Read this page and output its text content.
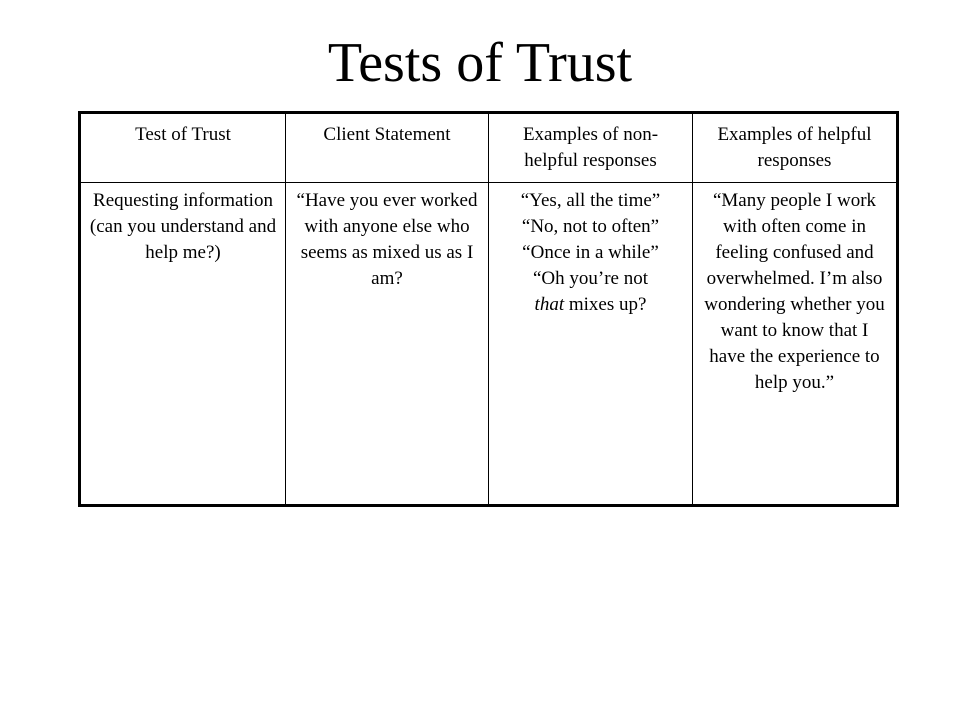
Tests of Trust
Test of Trust	Client Statement	Examples of non-helpful responses	Examples of helpful responses
Requesting information (can you understand and help me?)	“Have you ever worked with anyone else who seems as mixed us as I am?	“Yes, all the time”
“No, not to often”
“Once in a while”
“Oh you’re not
that mixes up?	“Many people I work with often come in feeling confused and overwhelmed. I’m also wondering whether you want to know that I have the experience to help you.”
